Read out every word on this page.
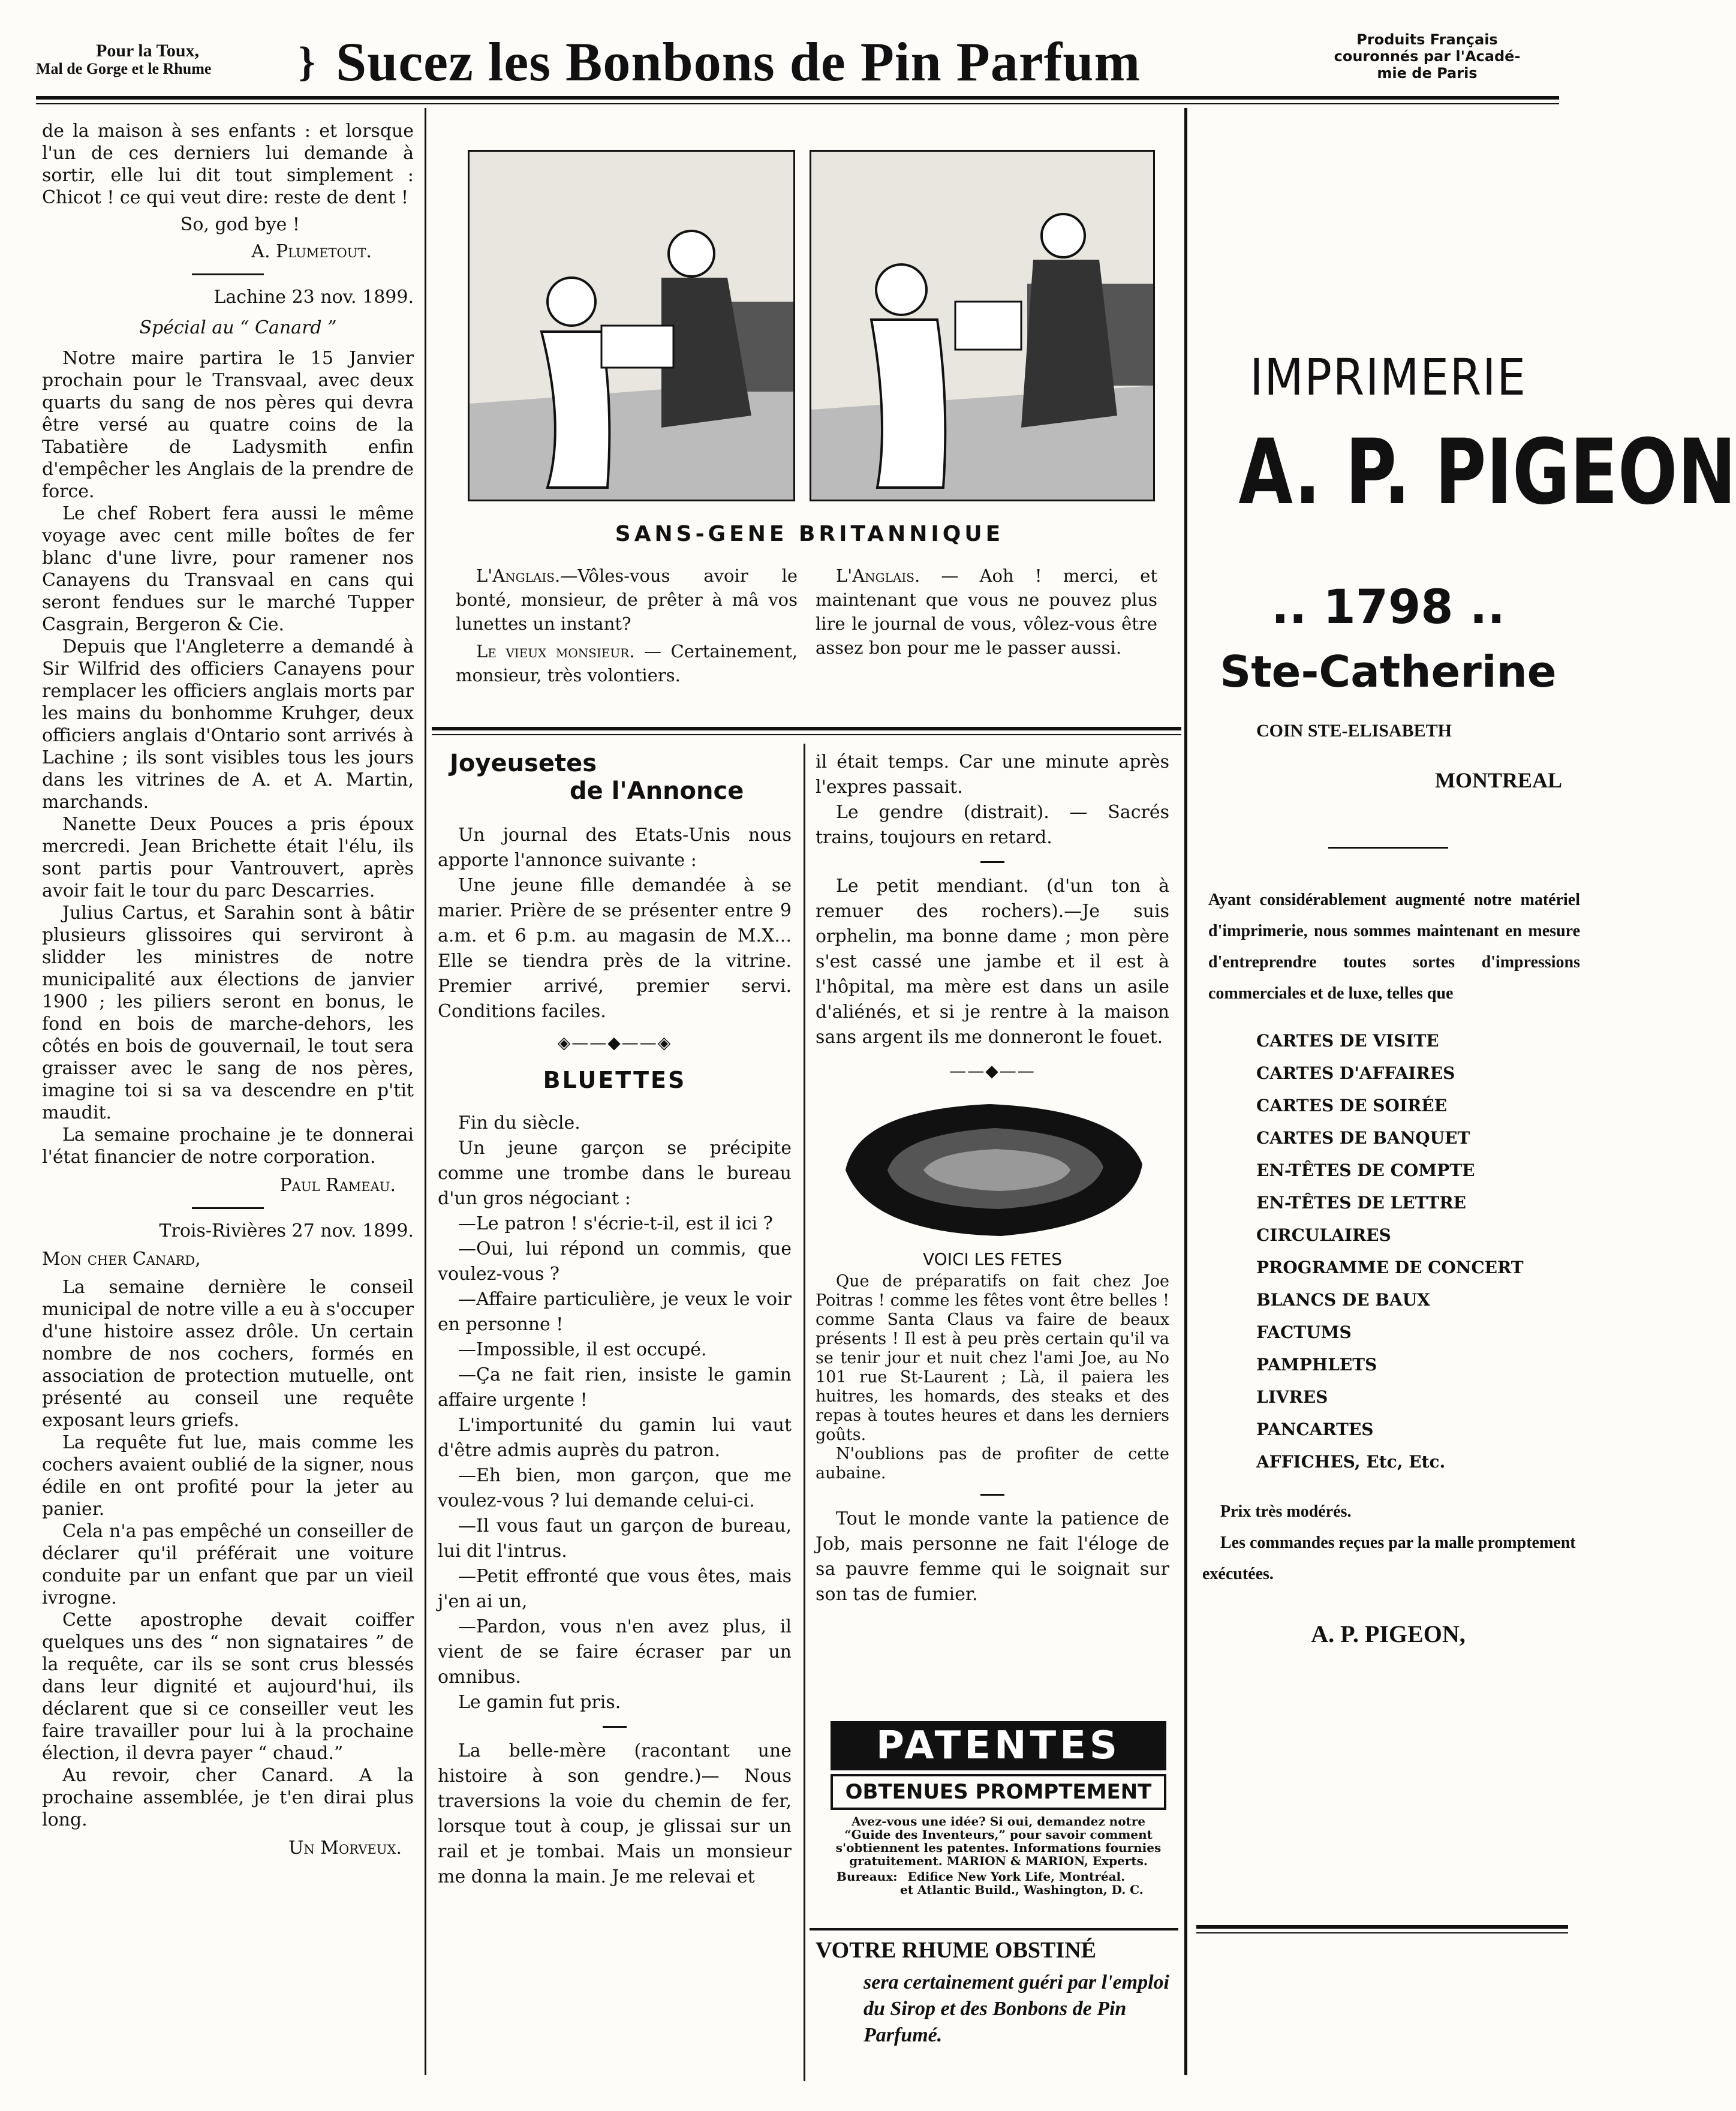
Pour la Toux,
Mal de Gorge et le Rhume } Sucez les Bonbons de Pin Parfum	Produits Français
couronnés par l'Acadé-
mie de Paris

de la maison à ses enfants : et lorsque l'un de ces derniers lui demande à sortir, elle lui dit tout simplement : Chicot ! ce qui veut dire: reste de dent !

So, god bye !

A. Plumetout.

Lachine 23 nov. 1899.

Spécial au “ Canard ”

Notre maire partira le 15 Janvier prochain pour le Transvaal, avec deux quarts du sang de nos pères qui devra être versé au quatre coins de la Tabatière de Ladysmith enfin d'empêcher les Anglais de la prendre de force.

Le chef Robert fera aussi le même voyage avec cent mille boîtes de fer blanc d'une livre, pour ramener nos Canayens du Transvaal en cans qui seront fendues sur le marché Tupper Casgrain, Bergeron & Cie.

Depuis que l'Angleterre a demandé à Sir Wilfrid des officiers Canayens pour remplacer les officiers anglais morts par les mains du bonhomme Kruhger, deux officiers anglais d'Ontario sont arrivés à Lachine ; ils sont visibles tous les jours dans les vitrines de A. et A. Martin, marchands.

Nanette Deux Pouces a pris époux mercredi. Jean Brichette était l'élu, ils sont partis pour Vantrouvert, après avoir fait le tour du parc Descarries.

Julius Cartus, et Sarahin sont à bâtir plusieurs glissoires qui serviront à slidder les ministres de notre municipalité aux élections de janvier 1900 ; les piliers seront en bonus, le fond en bois de marche-dehors, les côtés en bois de gouvernail, le tout sera graisser avec le sang de nos pères, imagine toi si sa va descendre en p'tit maudit.

La semaine prochaine je te donnerai l'état financier de notre corporation.

Paul Rameau.

Trois-Rivières 27 nov. 1899.

Mon cher Canard,

La semaine dernière le conseil municipal de notre ville a eu à s'occuper d'une histoire assez drôle. Un certain nombre de nos cochers, formés en association de protection mutuelle, ont présenté au conseil une requête exposant leurs griefs.

La requête fut lue, mais comme les cochers avaient oublié de la signer, nous édile en ont profité pour la jeter au panier.

Cela n'a pas empêché un conseiller de déclarer qu'il préférait une voiture conduite par un enfant que par un vieil ivrogne.

Cette apostrophe devait coiffer quelques uns des “ non signataires ” de la requête, car ils se sont crus blessés dans leur dignité et aujourd'hui, ils déclarent que si ce conseiller veut les faire travailler pour lui à la prochaine élection, il devra payer “ chaud.”

Au revoir, cher Canard. A la prochaine assemblée, je t'en dirai plus long.

Un Morveux.

SANS-GENE BRITANNIQUE

L'Anglais.—Vôles-vous avoir le bonté, monsieur, de prêter à mâ vos lunettes un instant?

Le vieux monsieur. — Certainement, monsieur, très volontiers.

L'Anglais. — Aoh ! merci, et maintenant que vous ne pouvez plus lire le journal de vous, vôlez-vous être assez bon pour me le passer aussi.

Joyeusetes
de l'Annonce

Un journal des Etats-Unis nous apporte l'annonce suivante :

Une jeune fille demandée à se marier. Prière de se présenter entre 9 a.m. et 6 p.m. au magasin de M.X... Elle se tiendra près de la vitrine. Premier arrivé, premier servi. Conditions faciles.

◈——◆——◈
BLUETTES

Fin du siècle.

Un jeune garçon se précipite comme une trombe dans le bureau d'un gros négociant :

—Le patron ! s'écrie-t-il, est il ici ?

—Oui, lui répond un commis, que voulez-vous ?

—Affaire particulière, je veux le voir en personne !

—Impossible, il est occupé.

—Ça ne fait rien, insiste le gamin affaire urgente !

L'importunité du gamin lui vaut d'être admis auprès du patron.

—Eh bien, mon garçon, que me voulez-vous ? lui demande celui-ci.

—Il vous faut un garçon de bureau, lui dit l'intrus.

—Petit effronté que vous êtes, mais j'en ai un,

—Pardon, vous n'en avez plus, il vient de se faire écraser par un omnibus.

Le gamin fut pris.

La belle-mère (racontant une histoire à son gendre.)— Nous traversions la voie du chemin de fer, lorsque tout à coup, je glissai sur un rail et je tombai. Mais un monsieur me donna la main. Je me relevai et

il était temps. Car une minute après l'expres passait.

Le gendre (distrait). — Sacrés trains, toujours en retard.

Le petit mendiant. (d'un ton à remuer des rochers).—Je suis orphelin, ma bonne dame ; mon père s'est cassé une jambe et il est à l'hôpital, ma mère est dans un asile d'aliénés, et si je rentre à la maison sans argent ils me donneront le fouet.

——◆——
VOICI LES FETES

Que de préparatifs on fait chez Joe Poitras ! comme les fêtes vont être belles ! comme Santa Claus va faire de beaux présents ! Il est à peu près certain qu'il va se tenir jour et nuit chez l'ami Joe, au No 101 rue St-Laurent ; Là, il paiera les huitres, les homards, des steaks et des repas à toutes heures et dans les derniers goûts.

N'oublions pas de profiter de cette aubaine.

Tout le monde vante la patience de Job, mais personne ne fait l'éloge de sa pauvre femme qui le soignait sur son tas de fumier.

PATENTES
OBTENUES PROMPTEMENT
Avez-vous une idée? Si oui, demandez notre “Guide des Inventeurs,” pour savoir comment s'obtiennent les patentes. Informations fournies gratuitement. MARION & MARION, Experts.
Bureaux: Edifice New York Life, Montréal.
et Atlantic Build., Washington, D. C.
VOTRE RHUME OBSTINÉ
sera certainement guéri par l'emploi du Sirop et des Bonbons de Pin Parfumé.
IMPRIMERIE
A. P. PIGEON
.. 1798 ..
Ste-Catherine
COIN STE-ELISABETH
MONTREAL
Ayant considérablement augmenté notre matériel d'imprimerie, nous sommes maintenant en mesure d'entreprendre toutes sortes d'impressions commerciales et de luxe, telles que
CARTES DE VISITE
CARTES D'AFFAIRES
CARTES DE SOIRÉE
CARTES DE BANQUET
EN-TÊTES DE COMPTE
EN-TÊTES DE LETTRE
CIRCULAIRES
PROGRAMME DE CONCERT
BLANCS DE BAUX
FACTUMS
PAMPHLETS
LIVRES
PANCARTES
AFFICHES, Etc, Etc.
Prix très modérés.
Les commandes reçues par la malle promptement exécutées.
A. P. PIGEON,
